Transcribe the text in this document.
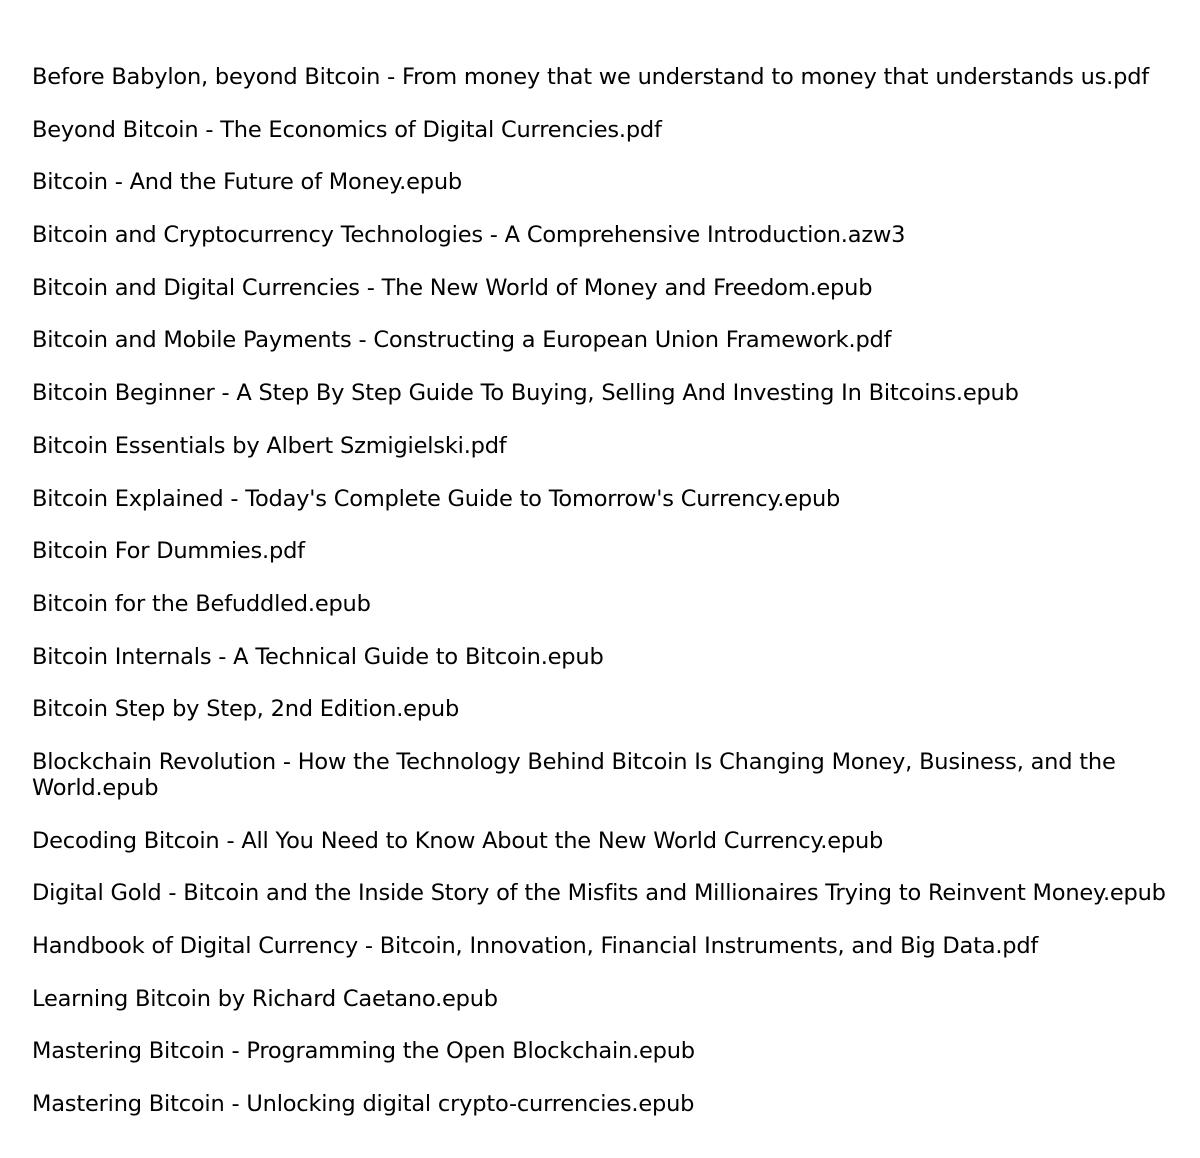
Before Babylon, beyond Bitcoin - From money that we understand to money that understands us.pdf
Beyond Bitcoin - The Economics of Digital Currencies.pdf
Bitcoin - And the Future of Money.epub
Bitcoin and Cryptocurrency Technologies - A Comprehensive Introduction.azw3
Bitcoin and Digital Currencies - The New World of Money and Freedom.epub
Bitcoin and Mobile Payments - Constructing a European Union Framework.pdf
Bitcoin Beginner - A Step By Step Guide To Buying, Selling And Investing In Bitcoins.epub
Bitcoin Essentials by Albert Szmigielski.pdf
Bitcoin Explained - Today's Complete Guide to Tomorrow's Currency.epub
Bitcoin For Dummies.pdf
Bitcoin for the Befuddled.epub
Bitcoin Internals - A Technical Guide to Bitcoin.epub
Bitcoin Step by Step, 2nd Edition.epub
Blockchain Revolution - How the Technology Behind Bitcoin Is Changing Money, Business, and the World.epub
Decoding Bitcoin - All You Need to Know About the New World Currency.epub
Digital Gold - Bitcoin and the Inside Story of the Misfits and Millionaires Trying to Reinvent Money.epub
Handbook of Digital Currency - Bitcoin, Innovation, Financial Instruments, and Big Data.pdf
Learning Bitcoin by Richard Caetano.epub
Mastering Bitcoin - Programming the Open Blockchain.epub
Mastering Bitcoin - Unlocking digital crypto-currencies.epub
